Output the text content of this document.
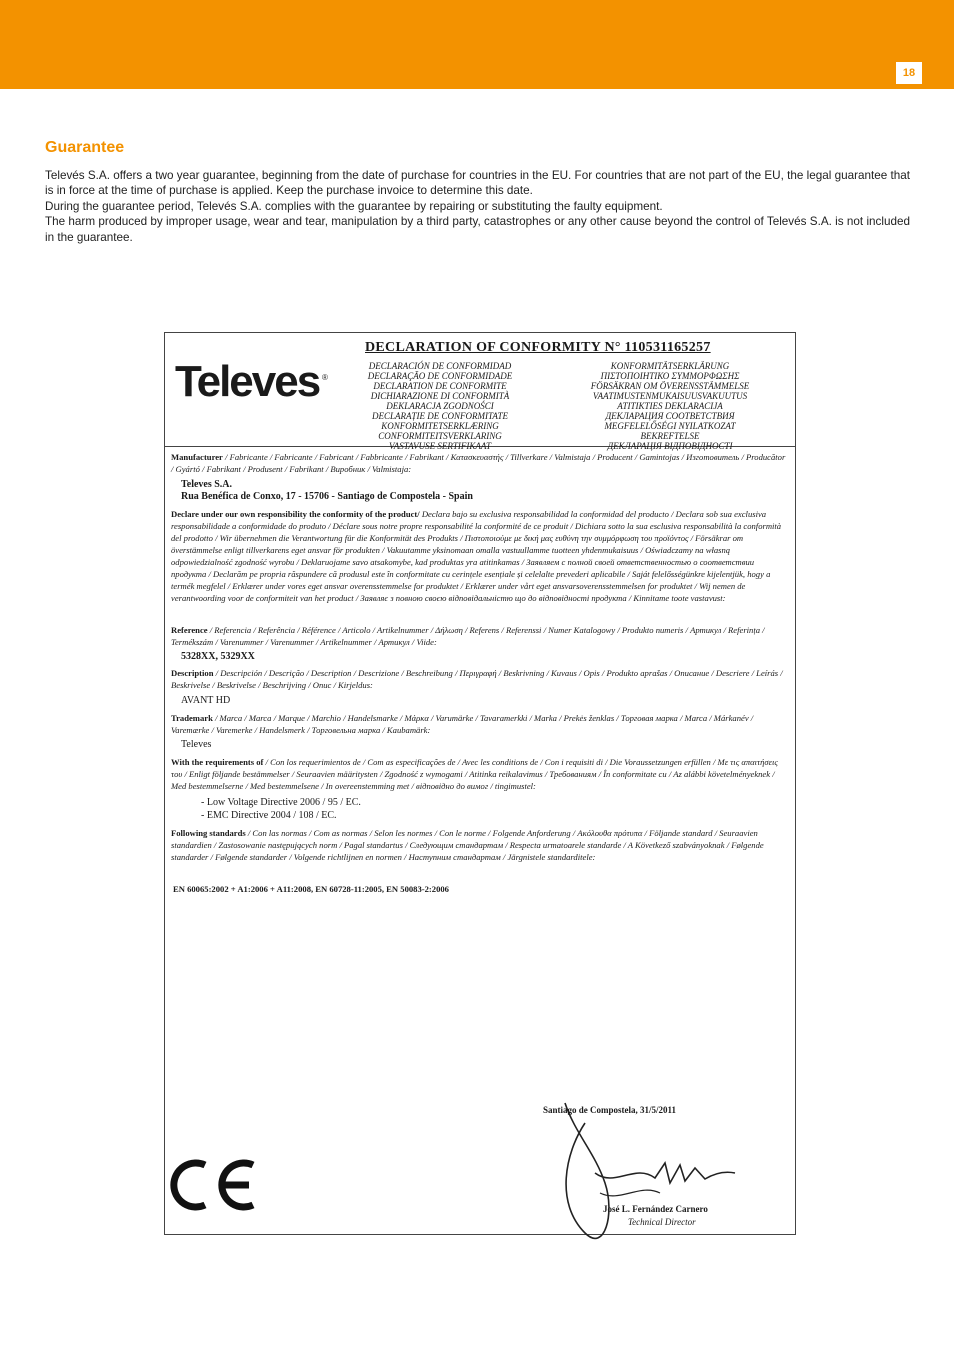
18
Guarantee

Televés S.A. offers a two year guarantee, beginning from the date of purchase for countries in the EU. For countries that are not part of the EU, the legal guarantee that is in force at the time of purchase is applied. Keep the purchase invoice to determine this date.

During the guarantee period, Televés S.A. complies with the guarantee by repairing or substituting the faulty equipment.

The harm produced by improper usage, wear and tear, manipulation by a third party, catastrophes or any other cause beyond the control of Televés S.A. is not included in the guarantee.

Televes ®
DECLARATION OF CONFORMITY N° 110531165257
DECLARACIÓN DE CONFORMIDAD
DECLARAÇÃO DE CONFORMIDADE
DECLARATION DE CONFORMITE
DICHIARAZIONE DI CONFORMITÀ
DEKLARACJA ZGODNOŚCI
DECLARAȚIE DE CONFORMITATE
KONFORMITETSERKLÆRING
CONFORMITEITSVERKLARING
VASTAVUSE SERTIFIKAAT
KONFORMITÄTSERKLÄRUNG
ΠΙΣΤΟΠΟΙΗΤΙΚΟ ΣΥΜΜΟΡΦΩΣΗΣ
FÖRSÄKRAN OM ÖVERENSSTÄMMELSE
VAATIMUSTENMUKAISUUSVAKUUTUS
ATITIKTIES DEKLARACIJA
ДЕКЛАРАЦИЯ СООТВЕТСТВИЯ
MEGFELELŐSÉGI NYILATKOZAT
BEKREFTELSE
ДЕКЛАРАЦІЯ ВІДПОВІДНОСТІ
Manufacturer / Fabricante / Fabricante / Fabricant / Fabbricante / Fabrikant / Κατασκευαστής / Tillverkare / Valmistaja / Producent / Gamintojas / Изготовитель / Producător / Gyártó / Fabrikant / Produsent / Fabrikant / Виробник / Valmistaja:
Televes S.A.
Rua Benéfica de Conxo, 17 - 15706 - Santiago de Compostela - Spain
Declare under our own responsibility the conformity of the product/ Declara bajo su exclusiva responsabilidad la conformidad del producto / Declara sob sua exclusiva responsabilidade a conformidade do produto / Déclare sous notre propre responsabilité la conformité de ce produit / Dichiara sotto la sua esclusiva responsabilità la conformità del prodotto / Wir übernehmen die Verantwortung für die Konformität des Produkts / Πιστοποιούμε με δική μας ευθύνη την συμμόρφωση του προϊόντος / Försäkrar om överstämmelse enligt tillverkarens eget ansvar för produkten / Vakuutamme yksinomaan omalla vastuullamme tuotteen yhdenmukaisuus / Oświadczamy na własną odpowiedzialność zgodność wyrobu / Deklaruojame savo atsakomybe, kad produktas yra atitinkamas / Заявляем с полной своей ответственностью о соответствии продукта / Declarăm pe propria răspundere că produsul este în conformitate cu cerințele esențiale și celelalte prevederi aplicabile / Saját felelősségünkre kijelentjük, hogy a termék megfelel / Erklærer under vores eget ansvar overensstemmelse for produktet / Erklærer under vårt eget ansvarsoverensstemmelsen for produktet / Wij nemen de verantwoording voor de conformiteit van het product / Заявляє з повною своєю відповідальністю що до відповідності продукта / Kinnitame toote vastavust:
Reference / Referencia / Referência / Référence / Articolo / Artikelnummer / Δήλωση / Referens / Referenssi / Numer Katalogowy / Produkto numeris / Артикул / Referința / Termékszám / Varenummer / Varenummer / Artikelnummer / Артикул / Viide:
5328XX, 5329XX
Description / Descripción / Descrição / Description / Descrizione / Beschreibung / Περιγραφή / Beskrivning / Kuvaus / Opis / Produkto aprašas / Описание / Descriere / Leírás / Beskrivelse / Beskrivelse / Beschrijving / Опис / Kirjeldus:
AVANT HD
Trademark / Marca / Marca / Marque / Marchio / Handelsmarke / Μάρκα / Varumärke / Tavaramerkki / Marka / Prekės ženklas / Торговая марка / Marca / Márkanév / Varemærke / Varemerke / Handelsmerk / Торговельна марка / Kaubamärk:
Televes
With the requirements of / Con los requerimientos de / Com as especificações de / Avec les conditions de / Con i requisiti di / Die Voraussetzungen erfüllen / Με τις απαιτήσεις του / Enligt följande bestämmelser / Seuraavien määritysten / Zgodność z wymogami / Atitinka reikalavimus / Требованиям / În conformitate cu / Az alábbi követelményeknek / Med bestemmelserne / Med bestemmelsene / In overeenstemming met / відповідно до вимог / tingimustel:
- Low Voltage Directive 2006 / 95 / EC.
- EMC Directive 2004 / 108 / EC.
Following standards / Con las normas / Com as normas / Selon les normes / Con le norme / Folgende Anforderung / Ακόλουθα πρότυπα / Följande standard / Seuraavien standardien / Zastosowanie następujących norm / Pagal standartus / Следующим стандартам / Respecta urmatoarele standarde / A Következő szabványoknak / Følgende standarder / Følgende standarder / Volgende richtlijnen en normen / Наступним стандартам / Järgnistele standarditele:
EN 60065:2002 + A1:2006 + A11:2008, EN 60728-11:2005, EN 50083-2:2006
Santiago de Compostela, 31/5/2011
José L. Fernández Carnero
Technical Director
